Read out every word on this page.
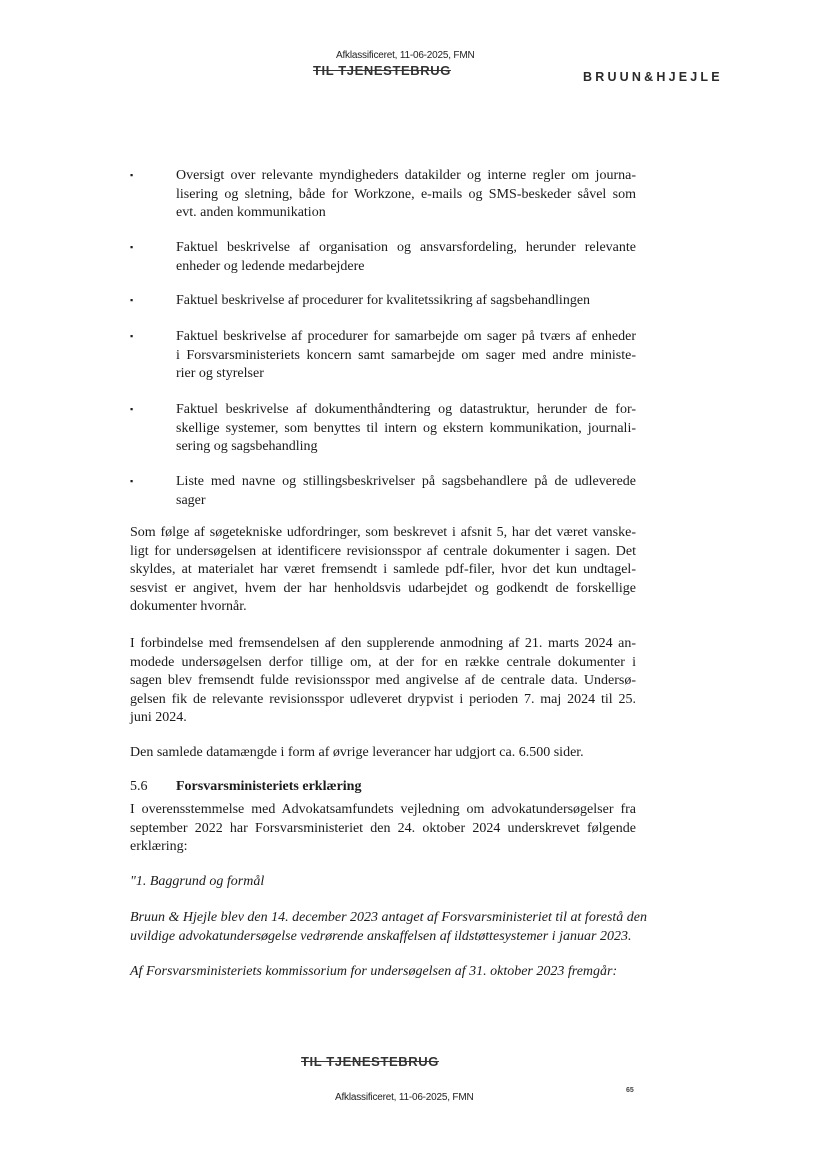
Afklassificeret, 11-06-2025, FMN
TIL TJENESTEBRUG	BRUUN&HJEJLE
▪	Oversigt over relevante myndigheders datakilder og interne regler om journa-
lisering og sletning, både for Workzone, e-mails og SMS-beskeder såvel som
evt. anden kommunikation
▪	Faktuel beskrivelse af organisation og ansvarsfordeling, herunder relevante
enheder og ledende medarbejdere
▪	Faktuel beskrivelse af procedurer for kvalitetssikring af sagsbehandlingen
▪	Faktuel beskrivelse af procedurer for samarbejde om sager på tværs af enheder
i Forsvarsministeriets koncern samt samarbejde om sager med andre ministe-
rier og styrelser
▪	Faktuel beskrivelse af dokumenthåndtering og datastruktur, herunder de for-
skellige systemer, som benyttes til intern og ekstern kommunikation, journali-
sering og sagsbehandling
▪	Liste med navne og stillingsbeskrivelser på sagsbehandlere på de udleverede
sager
Som følge af søgetekniske udfordringer, som beskrevet i afsnit 5, har det været vanske-
ligt for undersøgelsen at identificere revisionsspor af centrale dokumenter i sagen. Det
skyldes, at materialet har været fremsendt i samlede pdf-filer, hvor det kun undtagel-
sesvist er angivet, hvem der har henholdsvis udarbejdet og godkendt de forskellige
dokumenter hvornår.
I forbindelse med fremsendelsen af den supplerende anmodning af 21. marts 2024 an-
modede undersøgelsen derfor tillige om, at der for en række centrale dokumenter i
sagen blev fremsendt fulde revisionsspor med angivelse af de centrale data. Undersø-
gelsen fik de relevante revisionsspor udleveret drypvist i perioden 7. maj 2024 til 25.
juni 2024.
Den samlede datamængde i form af øvrige leverancer har udgjort ca. 6.500 sider.
5.6 Forsvarsministeriets erklæring
I overensstemmelse med Advokatsamfundets vejledning om advokatundersøgelser fra
september 2022 har Forsvarsministeriet den 24. oktober 2024 underskrevet følgende
erklæring:
"1. Baggrund og formål
Bruun & Hjejle blev den 14. december 2023 antaget af Forsvarsministeriet til at forestå den
uvildige advokatundersøgelse vedrørende anskaffelsen af ildstøttesystemer i januar 2023.
Af Forsvarsministeriets kommissorium for undersøgelsen af 31. oktober 2023 fremgår:
TIL TJENESTEBRUG
Afklassificeret, 11-06-2025, FMN
65
